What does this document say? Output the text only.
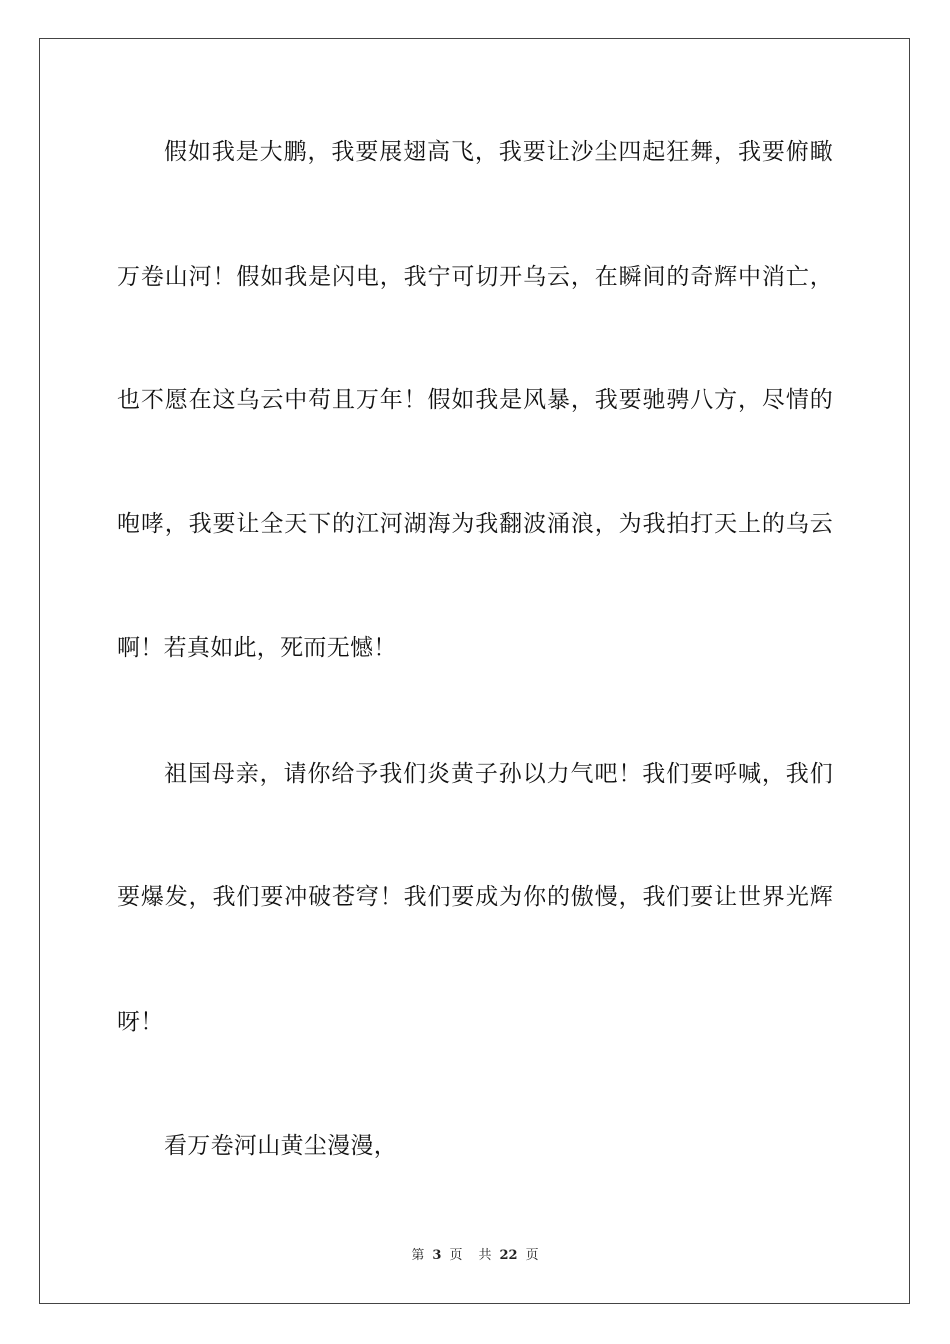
假如我是大鹏，我要展翅高飞，我要让沙尘四起狂舞，我要俯瞰
万卷山河！假如我是闪电，我宁可切开乌云，在瞬间的奇辉中消亡，
也不愿在这乌云中苟且万年！假如我是风暴，我要驰骋八方，尽情的
咆哮，我要让全天下的江河湖海为我翻波涌浪，为我拍打天上的乌云
啊！若真如此，死而无憾！
祖国母亲，请你给予我们炎黄子孙以力气吧！我们要呼喊，我们
要爆发，我们要冲破苍穹！我们要成为你的傲慢，我们要让世界光辉
呀！
看万卷河山黄尘漫漫，
第 3 页 共 22 页
